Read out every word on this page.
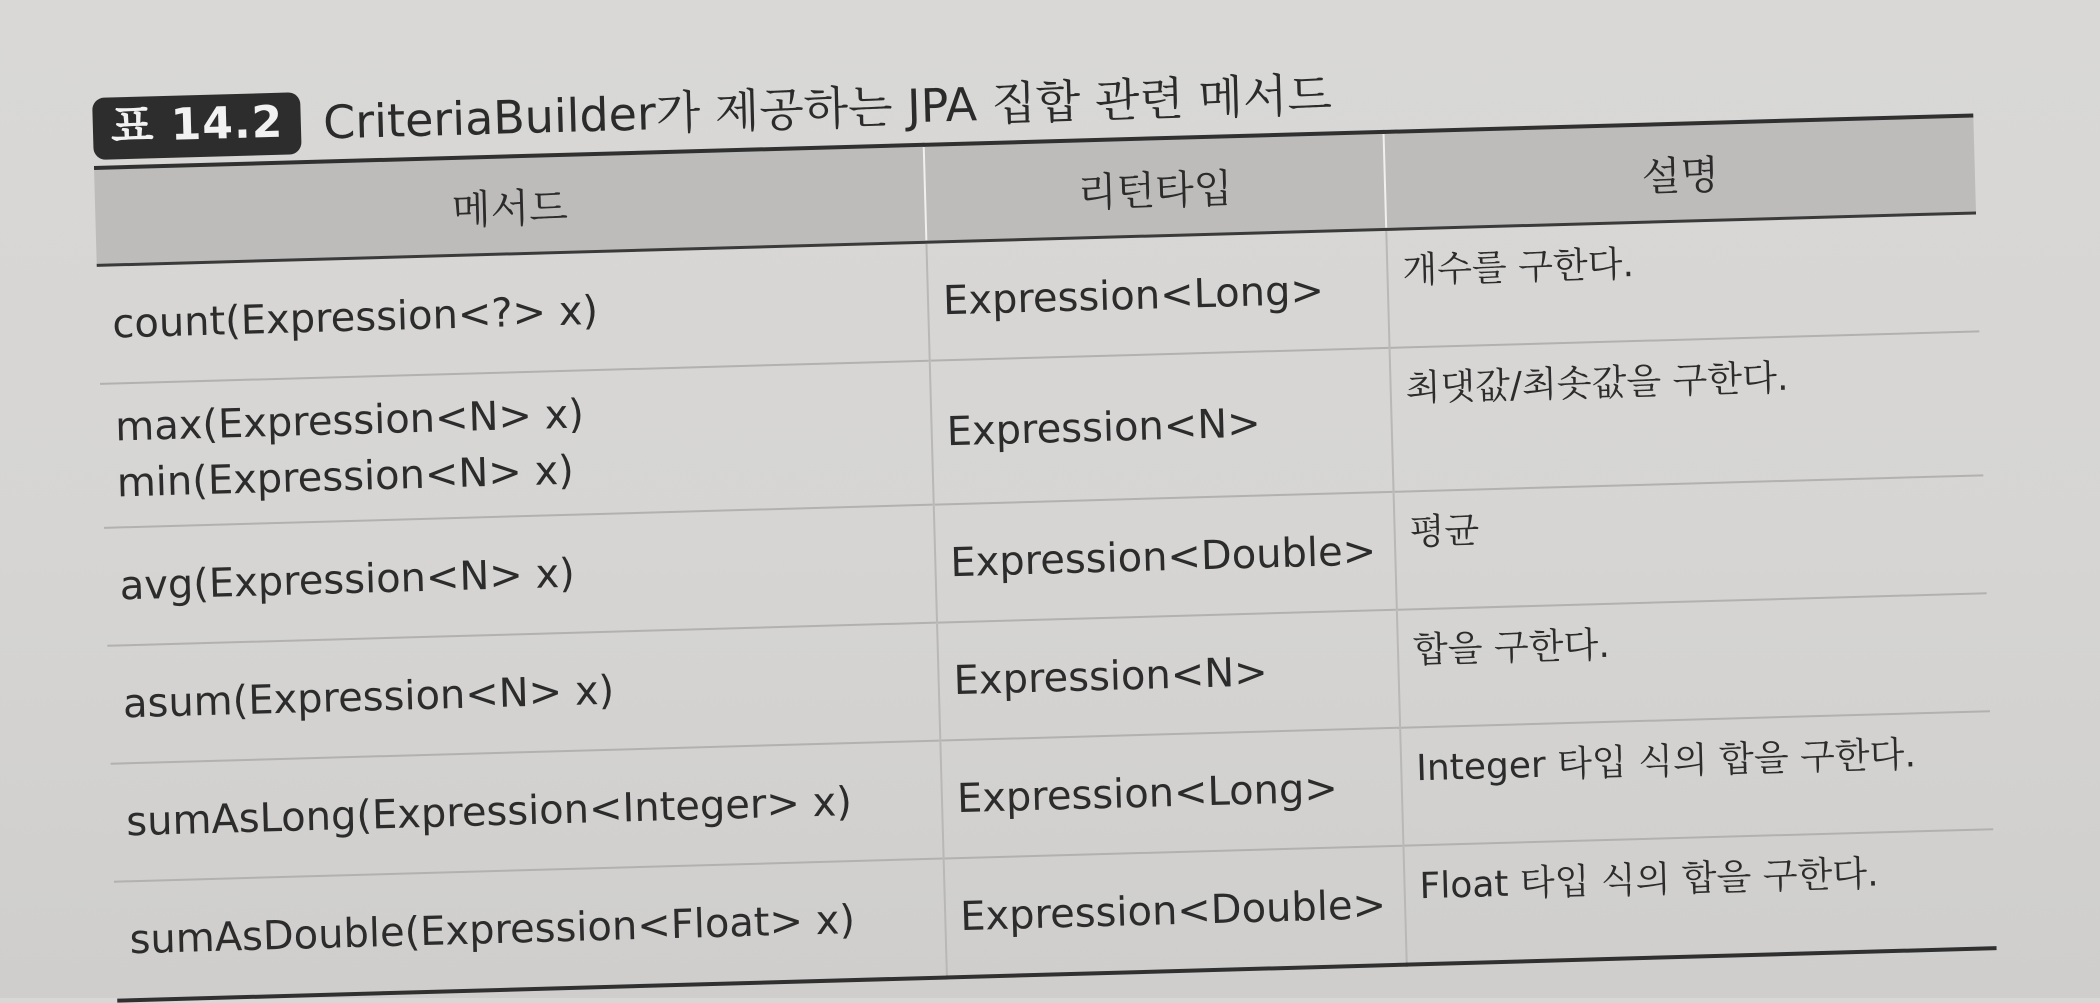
표 14.2 CriteriaBuilder가 제공하는 JPA 집합 관련 메서드
메서드	리턴타입	설명

count(Expression<?> x)	Expression<Long>	개수를 구한다.

max(Expression<N> x)
min(Expression<N> x)	Expression<N>	최댓값/최솟값을 구한다.

avg(Expression<N> x)	Expression<Double>	평균

asum(Expression<N> x)	Expression<N>	합을 구한다.

sumAsLong(Expression<Integer> x)	Expression<Long>	Integer 타입 식의 합을 구한다.

sumAsDouble(Expression<Float> x)	Expression<Double>	Float 타입 식의 합을 구한다.
